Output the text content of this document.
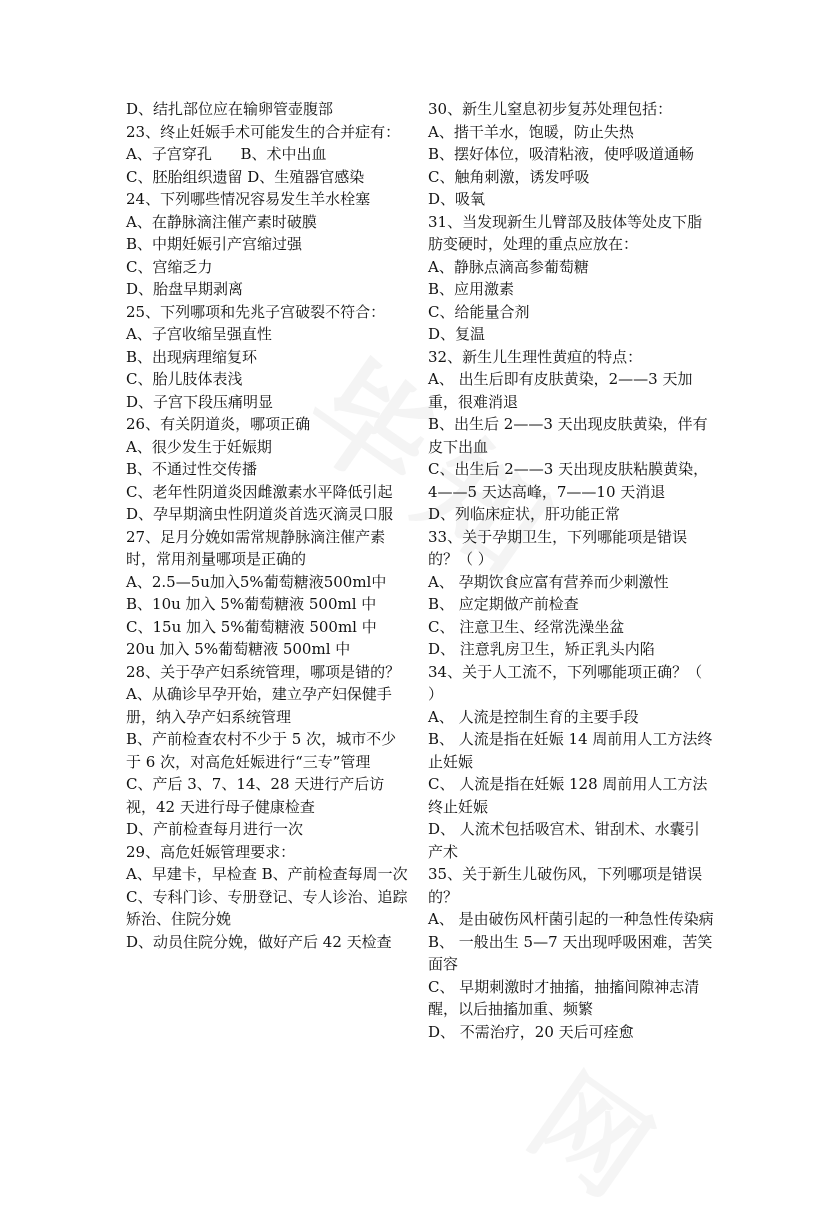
D、结扎部位应在输卵管壶腹部
23、终止妊娠手术可能发生的合并症有：
A、子宫穿孔      B、术中出血
C、胚胎组织遗留 D、生殖器官感染
24、下列哪些情况容易发生羊水栓塞
A、在静脉滴注催产素时破膜
B、中期妊娠引产宫缩过强
C、宫缩乏力
D、胎盘早期剥离
25、下列哪项和先兆子宫破裂不符合：
A、子宫收缩呈强直性
B、出现病理缩复环
C、胎儿肢体表浅
D、子宫下段压痛明显
26、有关阴道炎，哪项正确
A、很少发生于妊娠期
B、不通过性交传播
C、老年性阴道炎因雌激素水平降低引起
D、孕早期滴虫性阴道炎首选灭滴灵口服
27、足月分娩如需常规静脉滴注催产素时，常用剂量哪项是正确的
A、2.5—5u加入5%葡萄糖液500ml中
B、10u 加入 5%葡萄糖液 500ml 中
C、15u 加入 5%葡萄糖液 500ml 中
20u 加入 5%葡萄糖液 500ml 中
28、关于孕产妇系统管理，哪项是错的？
A、从确诊早孕开始，建立孕产妇保健手册，纳入孕产妇系统管理
B、产前检查农村不少于 5 次，城市不少于 6 次，对高危妊娠进行“三专”管理
C、产后 3、7、14、28 天进行产后访视，42 天进行母子健康检查
D、产前检查每月进行一次
29、高危妊娠管理要求：
A、早建卡，早检查 B、产前检查每周一次
C、专科门诊、专册登记、专人诊治、追踪矫治、住院分娩
D、动员住院分娩，做好产后 42 天检查
30、新生儿窒息初步复苏处理包括：
A、揩干羊水，饱暖，防止失热
B、摆好体位，吸清粘液，使呼吸道通畅
C、触角刺激，诱发呼吸
D、吸氧
31、当发现新生儿臂部及肢体等处皮下脂肪变硬时，处理的重点应放在：
A、静脉点滴高参葡萄糖
B、应用激素
C、给能量合剂
D、复温
32、新生儿生理性黄疸的特点：
A、 出生后即有皮肤黄染，2——3 天加重，很难消退
B、出生后 2——3 天出现皮肤黄染，伴有皮下出血
C、出生后 2——3 天出现皮肤粘膜黄染，4——5 天达高峰，7——10 天消退
D、列临床症状，肝功能正常
33、关于孕期卫生，下列哪能项是错误的？（ ）
A、 孕期饮食应富有营养而少刺激性
B、 应定期做产前检查
C、 注意卫生、经常洗澡坐盆
D、 注意乳房卫生，矫正乳头内陷
34、关于人工流不，下列哪能项正确？（ ）
A、 人流是控制生育的主要手段
B、 人流是指在妊娠 14 周前用人工方法终止妊娠
C、 人流是指在妊娠 128 周前用人工方法终止妊娠
D、 人流术包括吸宫术、钳刮术、水囊引产术
35、关于新生儿破伤风，下列哪项是错误的？
A、 是由破伤风杆菌引起的一种急性传染病
B、 一般出生 5—7 天出现呼吸困难，苦笑面容
C、 早期刺激时才抽搐，抽搐间隙神志清醒，以后抽搐加重、频繁
D、 不需治疗，20 天后可痊愈
